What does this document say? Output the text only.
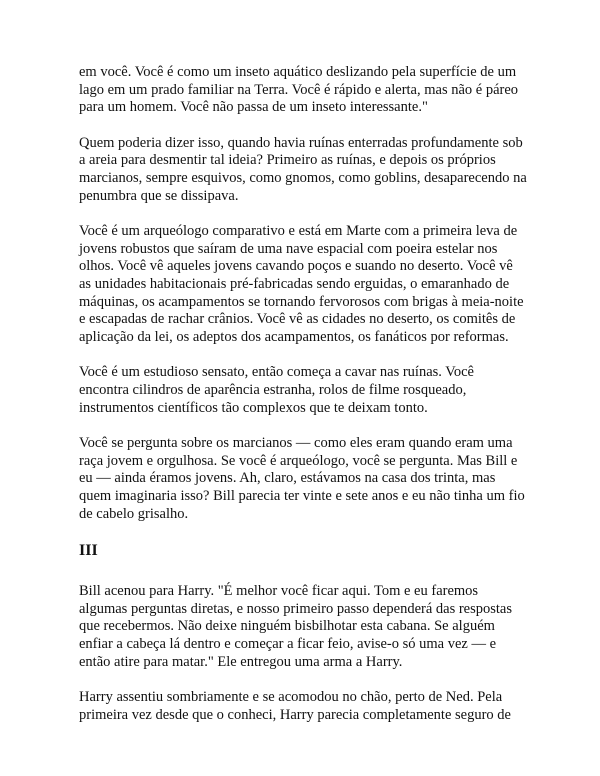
em você. Você é como um inseto aquático deslizando pela superfície de um lago em um prado familiar na Terra. Você é rápido e alerta, mas não é páreo para um homem. Você não passa de um inseto interessante."

Quem poderia dizer isso, quando havia ruínas enterradas profundamente sob a areia para desmentir tal ideia? Primeiro as ruínas, e depois os próprios marcianos, sempre esquivos, como gnomos, como goblins, desaparecendo na penumbra que se dissipava.

Você é um arqueólogo comparativo e está em Marte com a primeira leva de jovens robustos que saíram de uma nave espacial com poeira estelar nos olhos. Você vê aqueles jovens cavando poços e suando no deserto. Você vê as unidades habitacionais pré-fabricadas sendo erguidas, o emaranhado de máquinas, os acampamentos se tornando fervorosos com brigas à meia-noite e escapadas de rachar crânios. Você vê as cidades no deserto, os comitês de aplicação da lei, os adeptos dos acampamentos, os fanáticos por reformas.

Você é um estudioso sensato, então começa a cavar nas ruínas. Você encontra cilindros de aparência estranha, rolos de filme rosqueado, instrumentos científicos tão complexos que te deixam tonto.

Você se pergunta sobre os marcianos — como eles eram quando eram uma raça jovem e orgulhosa. Se você é arqueólogo, você se pergunta. Mas Bill e eu — ainda éramos jovens. Ah, claro, estávamos na casa dos trinta, mas quem imaginaria isso? Bill parecia ter vinte e sete anos e eu não tinha um fio de cabelo grisalho.

III

Bill acenou para Harry. "É melhor você ficar aqui. Tom e eu faremos algumas perguntas diretas, e nosso primeiro passo dependerá das respostas que recebermos. Não deixe ninguém bisbilhotar esta cabana. Se alguém enfiar a cabeça lá dentro e começar a ficar feio, avise-o só uma vez — e então atire para matar." Ele entregou uma arma a Harry.

Harry assentiu sombriamente e se acomodou no chão, perto de Ned. Pela primeira vez desde que o conheci, Harry parecia completamente seguro de
